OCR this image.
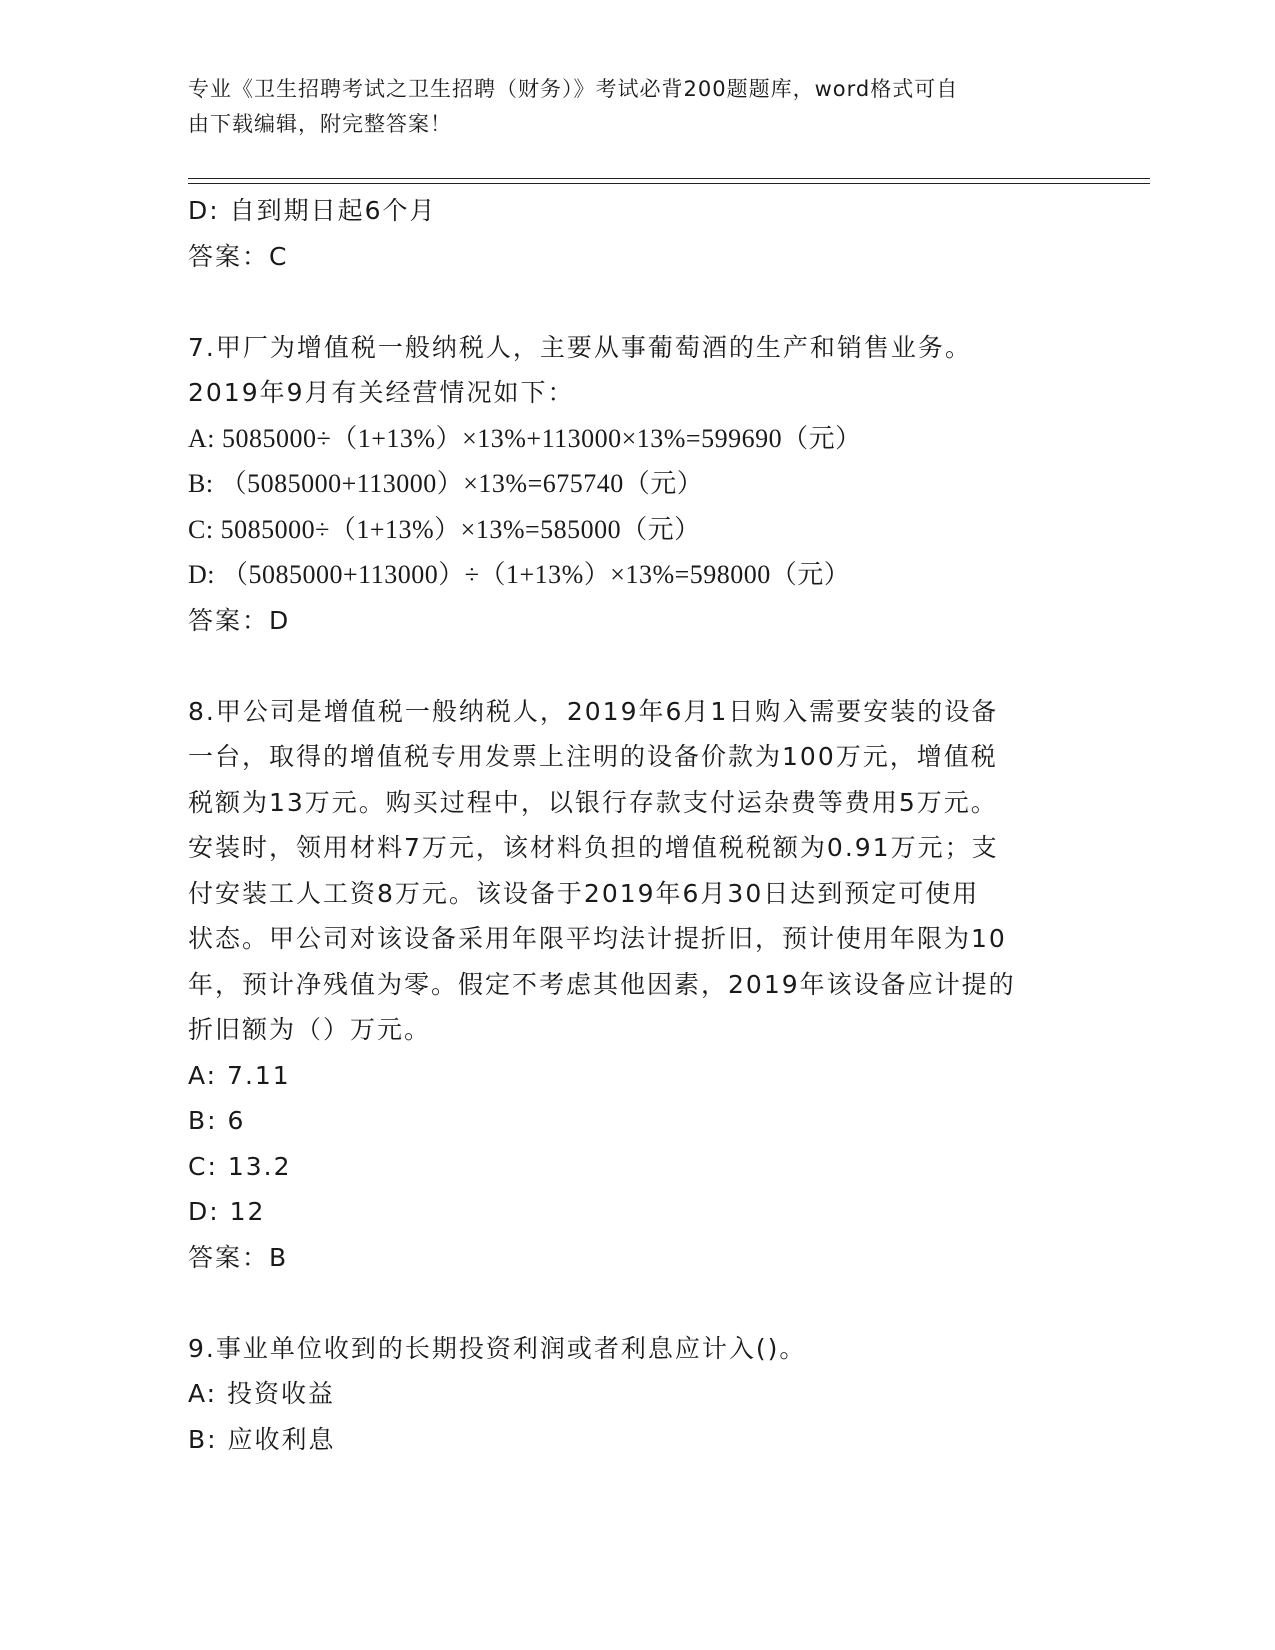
专业《卫生招聘考试之卫生招聘（财务）》考试必背200题题库，word格式可自
由下载编辑，附完整答案！
D: 自到期日起6个月
答案：C
7.甲厂为增值税一般纳税人，主要从事葡萄酒的生产和销售业务。
2019年9月有关经营情况如下：
A: 5085000÷（1+13%）×13%+113000×13%=599690（元）
B: （5085000+113000）×13%=675740（元）
C: 5085000÷（1+13%）×13%=585000（元）
D: （5085000+113000）÷（1+13%）×13%=598000（元）
答案：D
8.甲公司是增值税一般纳税人，2019年6月1日购入需要安装的设备
一台，取得的增值税专用发票上注明的设备价款为100万元，增值税
税额为13万元。购买过程中，以银行存款支付运杂费等费用5万元。
安装时，领用材料7万元，该材料负担的增值税税额为0.91万元；支
付安装工人工资8万元。该设备于2019年6月30日达到预定可使用
状态。甲公司对该设备采用年限平均法计提折旧，预计使用年限为10
年，预计净残值为零。假定不考虑其他因素，2019年该设备应计提的
折旧额为（）万元。
A: 7.11
B: 6
C: 13.2
D: 12
答案：B
9.事业单位收到的长期投资利润或者利息应计入()。
A: 投资收益
B: 应收利息
